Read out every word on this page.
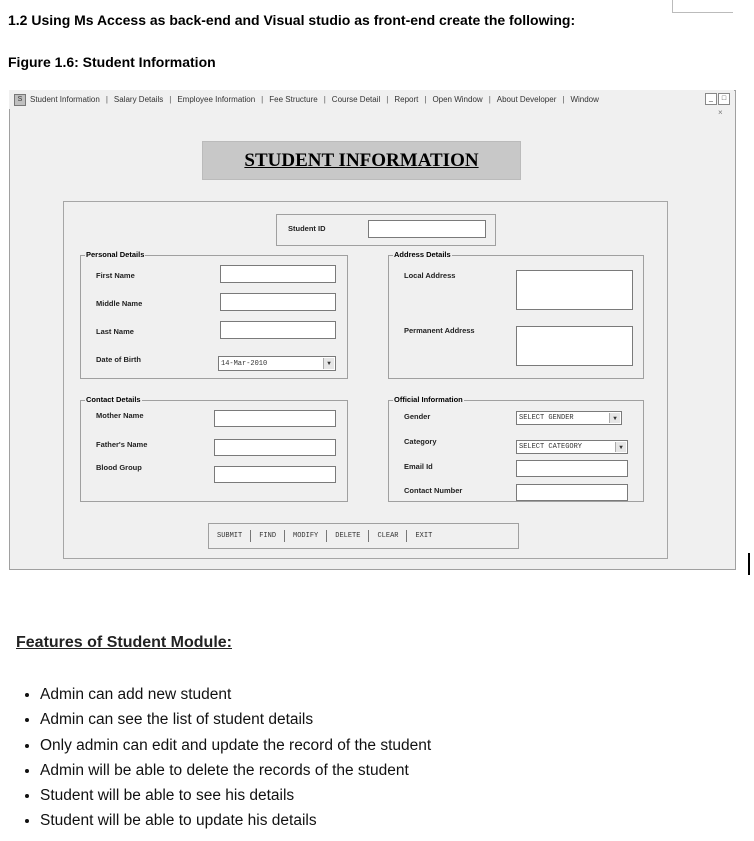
1.2 Using Ms Access as back-end and Visual studio as front-end create the following:
Figure 1.6: Student Information
S Student Information | Salary Details | Employee Information | Fee Structure | Course Detail | Report | Open Window | About Developer | Window	_	□
×
STUDENT INFORMATION
Student ID
Personal Details
First Name
Middle Name
Last Name
Date of Birth	14-Mar-2010	▼
Address Details
Local Address
Permanent Address
Contact Details
Mother Name
Father's Name
Blood Group
Official Information
Gender	SELECT GENDER	▼
Category
SELECT CATEGORY	▼
Email Id
Contact Number
SUBMIT	FIND	MODIFY	DELETE	CLEAR	EXIT
Features of Student Module:
• Admin can add new student
• Admin can see the list of student details
• Only admin can edit and update the record of the student
• Admin will be able to delete the records of the student
• Student will be able to see his details
• Student will be able to update his details
